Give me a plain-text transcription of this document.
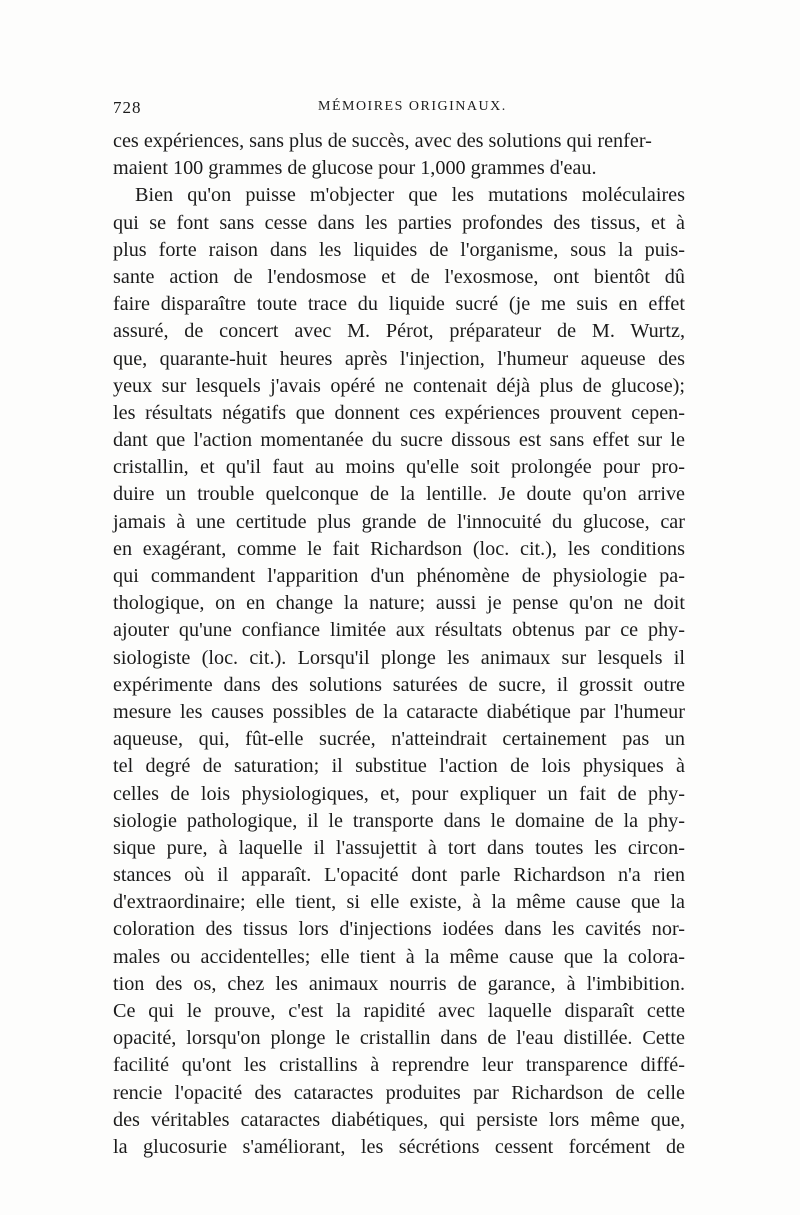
728	MÉMOIRES ORIGINAUX.
ces expériences, sans plus de succès, avec des solutions qui renfer-
maient 100 grammes de glucose pour 1,000 grammes d'eau.
Bien qu'on puisse m'objecter que les mutations moléculaires
qui se font sans cesse dans les parties profondes des tissus, et à
plus forte raison dans les liquides de l'organisme, sous la puis-
sante action de l'endosmose et de l'exosmose, ont bientôt dû
faire disparaître toute trace du liquide sucré (je me suis en effet
assuré, de concert avec M. Pérot, préparateur de M. Wurtz,
que, quarante-huit heures après l'injection, l'humeur aqueuse des
yeux sur lesquels j'avais opéré ne contenait déjà plus de glucose);
les résultats négatifs que donnent ces expériences prouvent cepen-
dant que l'action momentanée du sucre dissous est sans effet sur le
cristallin, et qu'il faut au moins qu'elle soit prolongée pour pro-
duire un trouble quelconque de la lentille. Je doute qu'on arrive
jamais à une certitude plus grande de l'innocuité du glucose, car
en exagérant, comme le fait Richardson (loc. cit.), les conditions
qui commandent l'apparition d'un phénomène de physiologie pa-
thologique, on en change la nature; aussi je pense qu'on ne doit
ajouter qu'une confiance limitée aux résultats obtenus par ce phy-
siologiste (loc. cit.). Lorsqu'il plonge les animaux sur lesquels il
expérimente dans des solutions saturées de sucre, il grossit outre
mesure les causes possibles de la cataracte diabétique par l'humeur
aqueuse, qui, fût-elle sucrée, n'atteindrait certainement pas un
tel degré de saturation; il substitue l'action de lois physiques à
celles de lois physiologiques, et, pour expliquer un fait de phy-
siologie pathologique, il le transporte dans le domaine de la phy-
sique pure, à laquelle il l'assujettit à tort dans toutes les circon-
stances où il apparaît. L'opacité dont parle Richardson n'a rien
d'extraordinaire; elle tient, si elle existe, à la même cause que la
coloration des tissus lors d'injections iodées dans les cavités nor-
males ou accidentelles; elle tient à la même cause que la colora-
tion des os, chez les animaux nourris de garance, à l'imbibition.
Ce qui le prouve, c'est la rapidité avec laquelle disparaît cette
opacité, lorsqu'on plonge le cristallin dans de l'eau distillée. Cette
facilité qu'ont les cristallins à reprendre leur transparence diffé-
rencie l'opacité des cataractes produites par Richardson de celle
des véritables cataractes diabétiques, qui persiste lors même que,
la glucosurie s'améliorant, les sécrétions cessent forcément de
